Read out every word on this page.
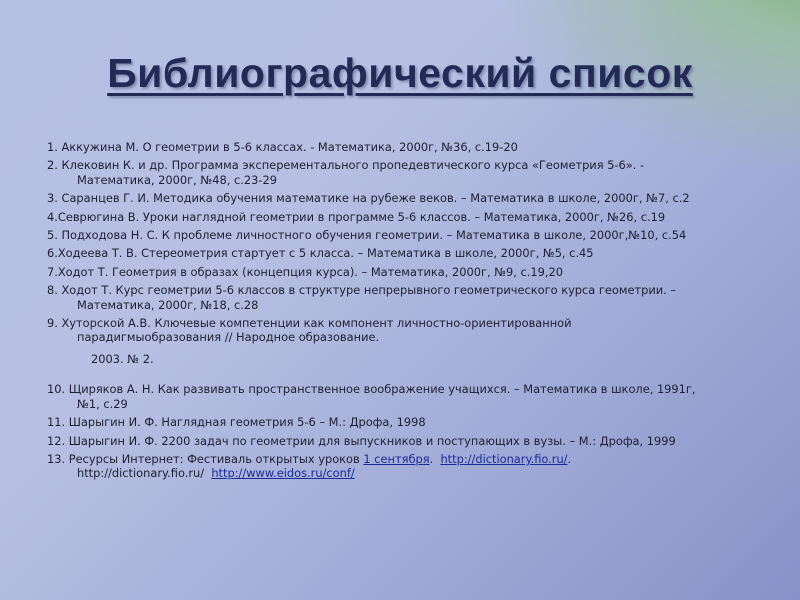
Библиографический список
1. Аккужина М. О геометрии в 5-6 классах. - Математика, 2000г, №36, с.19-20
2. Клековин К. и др. Программа эксперементального пропедевтического курса «Геометрия 5-6». -
Математика, 2000г, №48, с.23-29
3. Саранцев Г. И. Методика обучения математике на рубеже веков. – Математика в школе, 2000г, №7, с.2
4.Севрюгина В. Уроки наглядной геометрии в программе 5-6 классов. – Математика, 2000г, №26, с.19
5. Подходова Н. С. К проблеме личностного обучения геометрии. – Математика в школе, 2000г,№10, с.54
6.Ходеева Т. В. Стереометрия стартует с 5 класса. – Математика в школе, 2000г, №5, с.45
7.Ходот Т. Геометрия в образах (концепция курса). – Математика, 2000г, №9, с.19,20
8. Ходот Т. Курс геометрии 5-6 классов в структуре непрерывного геометрического курса геометрии. –
Математика, 2000г, №18, с.28
9. Хуторской А.В. Ключевые компетенции как компонент личностно-ориентированной
парадигмыобразования // Народное образование.
2003. № 2.
10. Щиряков А. Н. Как развивать пространственное воображение учащихся. – Математика в школе, 1991г,
№1, с.29
11. Шарыгин И. Ф. Наглядная геометрия 5-6 – М.: Дрофа, 1998
12. Шарыгин И. Ф. 2200 задач по геометрии для выпускников и поступающих в вузы. – М.: Дрофа, 1999
13. Ресурсы Интернет: Фестиваль открытых уроков 1 сентября.  http://dictionary.fio.ru/.
http://dictionary.fio.ru/ http://www.eidos.ru/conf/
